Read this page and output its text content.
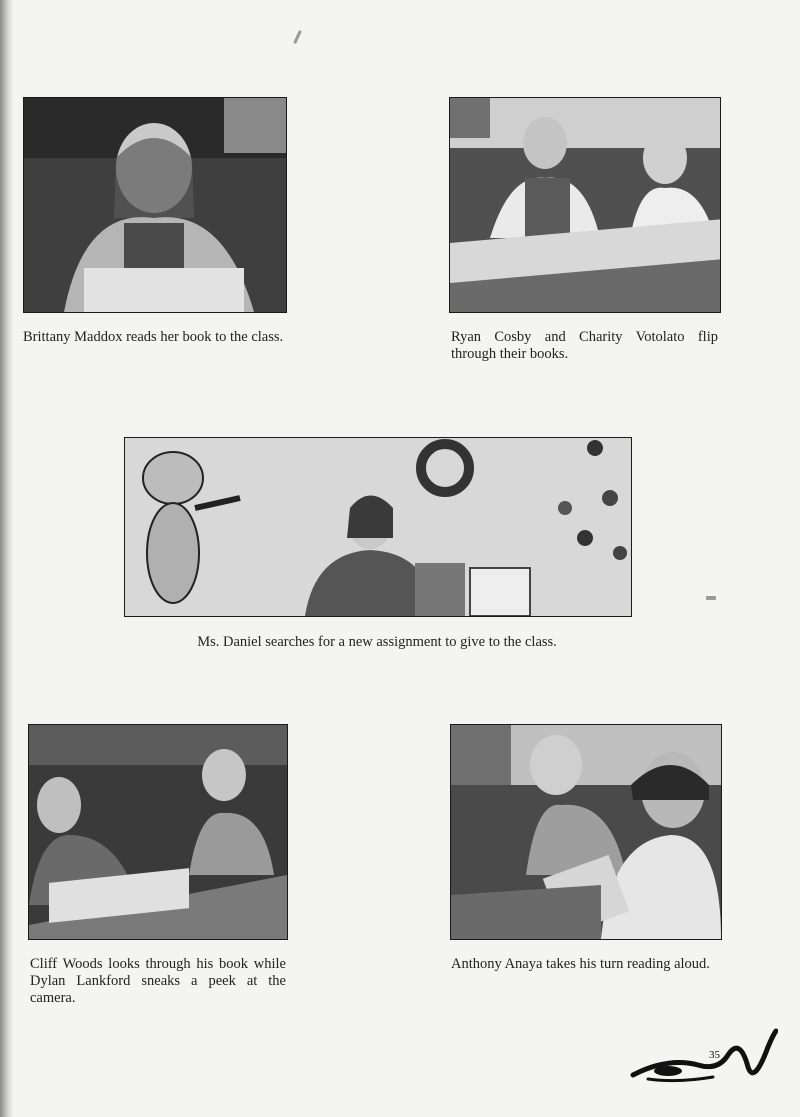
Brittany Maddox reads her book to the class.	Ryan Cosby and Charity Votolato flip through their books.
Ms. Daniel searches for a new assignment to give to the class.
Cliff Woods looks through his book while Dylan Lankford sneaks a peek at the camera.
Anthony Anaya takes his turn reading aloud.
35
